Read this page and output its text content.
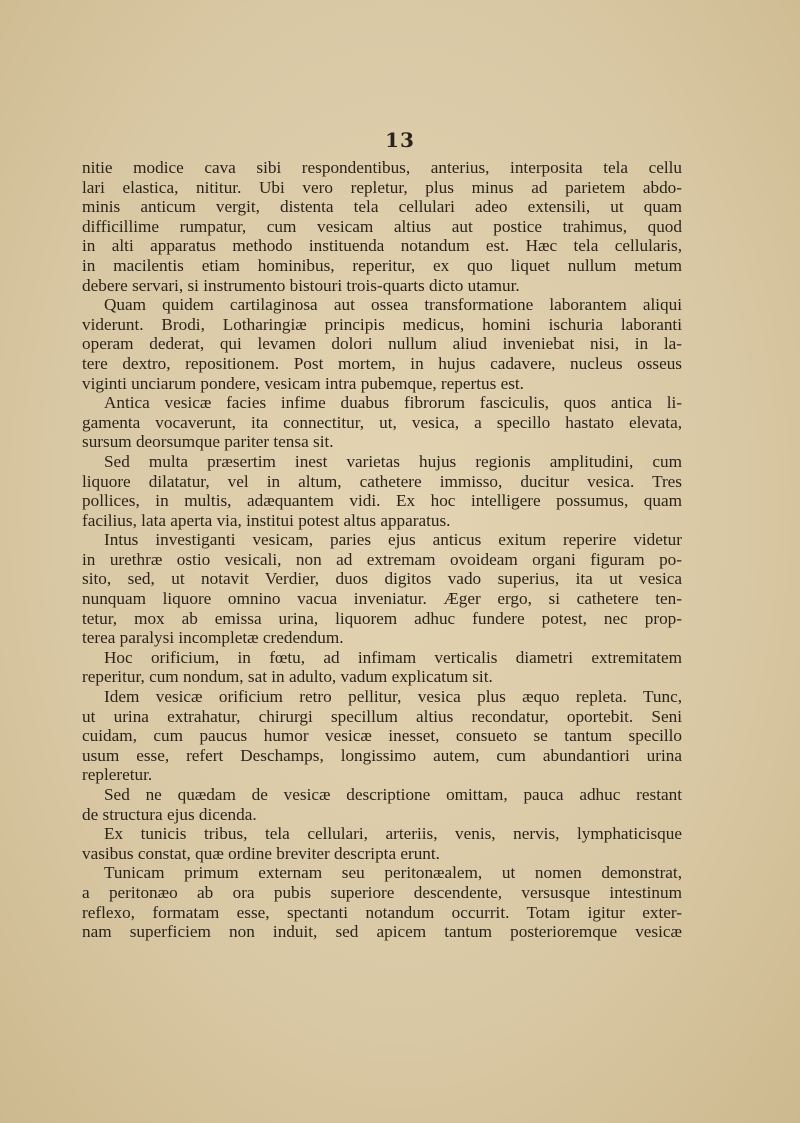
13
nitie modice cava sibi respondentibus, anterius, interposita tela cellu
lari elastica, nititur. Ubi vero repletur, plus minus ad parietem abdo-
minis anticum vergit, distenta tela cellulari adeo extensili, ut quam
difficillime rumpatur, cum vesicam altius aut postice trahimus, quod
in alti apparatus methodo instituenda notandum est. Hæc tela cellularis,
in macilentis etiam hominibus, reperitur, ex quo liquet nullum metum
debere servari, si instrumento bistouri trois-quarts dicto utamur.
Quam quidem cartilaginosa aut ossea transformatione laborantem aliqui
viderunt. Brodi, Lotharingiæ principis medicus, homini ischuria laboranti
operam dederat, qui levamen dolori nullum aliud inveniebat nisi, in la-
tere dextro, repositionem. Post mortem, in hujus cadavere, nucleus osseus
viginti unciarum pondere, vesicam intra pubemque, repertus est.
Antica vesicæ facies infime duabus fibrorum fasciculis, quos antica li-
gamenta vocaverunt, ita connectitur, ut, vesica, a specillo hastato elevata,
sursum deorsumque pariter tensa sit.
Sed multa præsertim inest varietas hujus regionis amplitudini, cum
liquore dilatatur, vel in altum, cathetere immisso, ducitur vesica. Tres
pollices, in multis, adæquantem vidi. Ex hoc intelligere possumus, quam
facilius, lata aperta via, institui potest altus apparatus.
Intus investiganti vesicam, paries ejus anticus exitum reperire videtur
in urethræ ostio vesicali, non ad extremam ovoideam organi figuram po-
sito, sed, ut notavit Verdier, duos digitos vado superius, ita ut vesica
nunquam liquore omnino vacua inveniatur. Æger ergo, si cathetere ten-
tetur, mox ab emissa urina, liquorem adhuc fundere potest, nec prop-
terea paralysi incompletæ credendum.
Hoc orificium, in fœtu, ad infimam verticalis diametri extremitatem
reperitur, cum nondum, sat in adulto, vadum explicatum sit.
Idem vesicæ orificium retro pellitur, vesica plus æquo repleta. Tunc,
ut urina extrahatur, chirurgi specillum altius recondatur, oportebit. Seni
cuidam, cum paucus humor vesicæ inesset, consueto se tantum specillo
usum esse, refert Deschamps, longissimo autem, cum abundantiori urina
repleretur.
Sed ne quædam de vesicæ descriptione omittam, pauca adhuc restant
de structura ejus dicenda.
Ex tunicis tribus, tela cellulari, arteriis, venis, nervis, lymphaticisque
vasibus constat, quæ ordine breviter descripta erunt.
Tunicam primum externam seu peritonæalem, ut nomen demonstrat,
a peritonæo ab ora pubis superiore descendente, versusque intestinum
reflexo, formatam esse, spectanti notandum occurrit. Totam igitur exter-
nam superficiem non induit, sed apicem tantum posterioremque vesicæ
